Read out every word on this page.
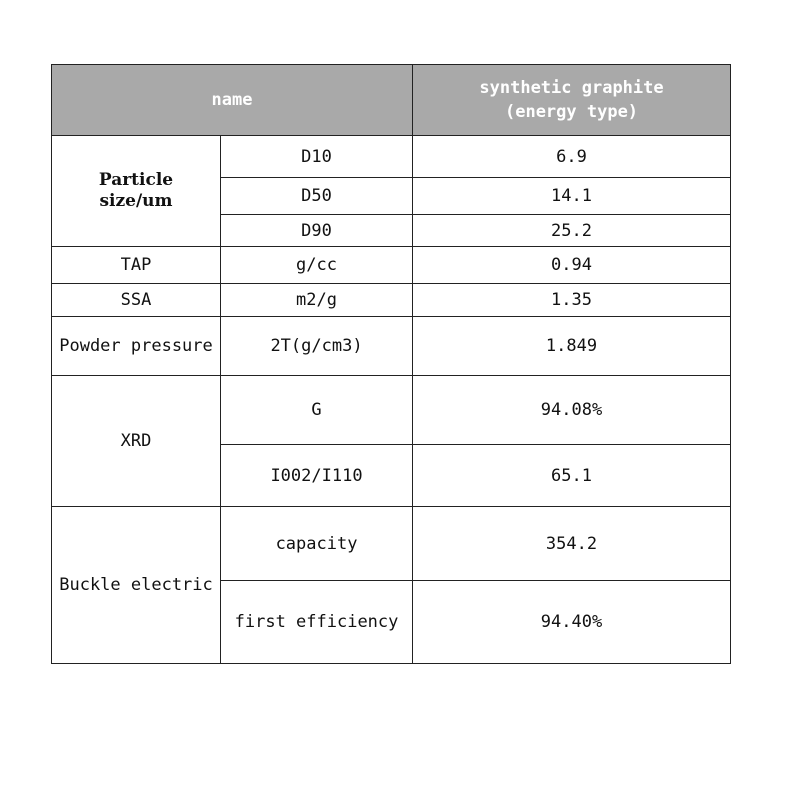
name		synthetic graphite
(energy type)

Particle
size/um	D10	6.9
	D50	14.1
	D90	25.2
TAP	g/cc	0.94
SSA	m2/g	1.35
Powder pressure	2T(g/cm3)	1.849
XRD	G	94.08%
	I002/I110	65.1
Buckle electric	capacity	354.2
	first efficiency	94.40%
